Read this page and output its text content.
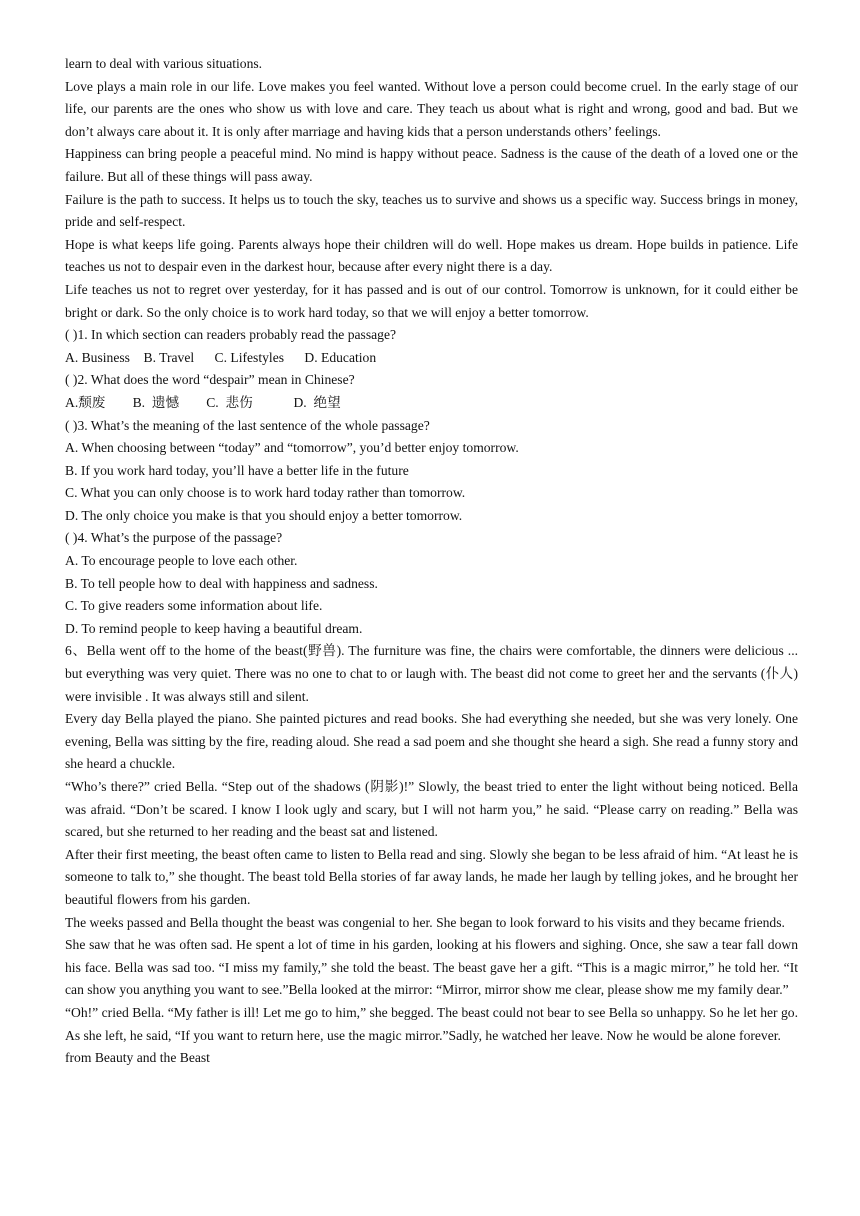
learn to deal with various situations.
Love plays a main role in our life. Love makes you feel wanted. Without love a person could become cruel. In the early stage of our life, our parents are the ones who show us with love and care. They teach us about what is right and wrong, good and bad. But we don’t always care about it. It is only after marriage and having kids that a person understands others’ feelings.
Happiness can bring people a peaceful mind. No mind is happy without peace. Sadness is the cause of the death of a loved one or the failure. But all of these things will pass away.
Failure is the path to success. It helps us to touch the sky, teaches us to survive and shows us a specific way. Success brings in money, pride and self-respect.
Hope is what keeps life going. Parents always hope their children will do well. Hope makes us dream. Hope builds in patience. Life teaches us not to despair even in the darkest hour, because after every night there is a day.
Life teaches us not to regret over yesterday, for it has passed and is out of our control. Tomorrow is unknown, for it could either be bright or dark. So the only choice is to work hard today, so that we will enjoy a better tomorrow.
( )1. In which section can readers probably read the passage?
A. Business    B. Travel      C. Lifestyles      D. Education
( )2. What does the word “despair” mean in Chinese?
A.颓废        B.  遗憾        C.  悲伤            D.  绝望
( )3. What’s the meaning of the last sentence of the whole passage?
A. When choosing between “today” and “tomorrow”, you’d better enjoy tomorrow.
B. If you work hard today, you’ll have a better life in the future
C. What you can only choose is to work hard today rather than tomorrow.
D. The only choice you make is that you should enjoy a better tomorrow.
( )4. What’s the purpose of the passage?
A. To encourage people to love each other.
B. To tell people how to deal with happiness and sadness.
C. To give readers some information about life.
D. To remind people to keep having a beautiful dream.
6、Bella went off to the home of the beast(野兽). The furniture was fine, the chairs were comfortable, the dinners were delicious ... but everything was very quiet. There was no one to chat to or laugh with. The beast did not come to greet her and the servants (仆人) were invisible . It was always still and silent.
Every day Bella played the piano. She painted pictures and read books. She had everything she needed, but she was very lonely. One evening, Bella was sitting by the fire, reading aloud. She read a sad poem and she thought she heard a sigh. She read a funny story and she heard a chuckle.
“Who’s there?” cried Bella. “Step out of the shadows (阴影)!” Slowly, the beast tried to enter the light without being noticed. Bella was afraid. “Don’t be scared. I know I look ugly and scary, but I will not harm you,” he said. “Please carry on reading.” Bella was scared, but she returned to her reading and the beast sat and listened.
After their first meeting, the beast often came to listen to Bella read and sing. Slowly she began to be less afraid of him. “At least he is someone to talk to,” she thought. The beast told Bella stories of far away lands, he made her laugh by telling jokes, and he brought her beautiful flowers from his garden.
The weeks passed and Bella thought the beast was congenial to her. She began to look forward to his visits and they became friends.
She saw that he was often sad. He spent a lot of time in his garden, looking at his flowers and sighing. Once, she saw a tear fall down his face. Bella was sad too. “I miss my family,” she told the beast. The beast gave her a gift. “This is a magic mirror,” he told her. “It can show you anything you want to see.”Bella looked at the mirror: “Mirror, mirror show me clear, please show me my family dear.”
“Oh!” cried Bella. “My father is ill! Let me go to him,” she begged. The beast could not bear to see Bella so unhappy. So he let her go. As she left, he said, “If you want to return here, use the magic mirror.”Sadly, he watched her leave. Now he would be alone forever.
from Beauty and the Beast
